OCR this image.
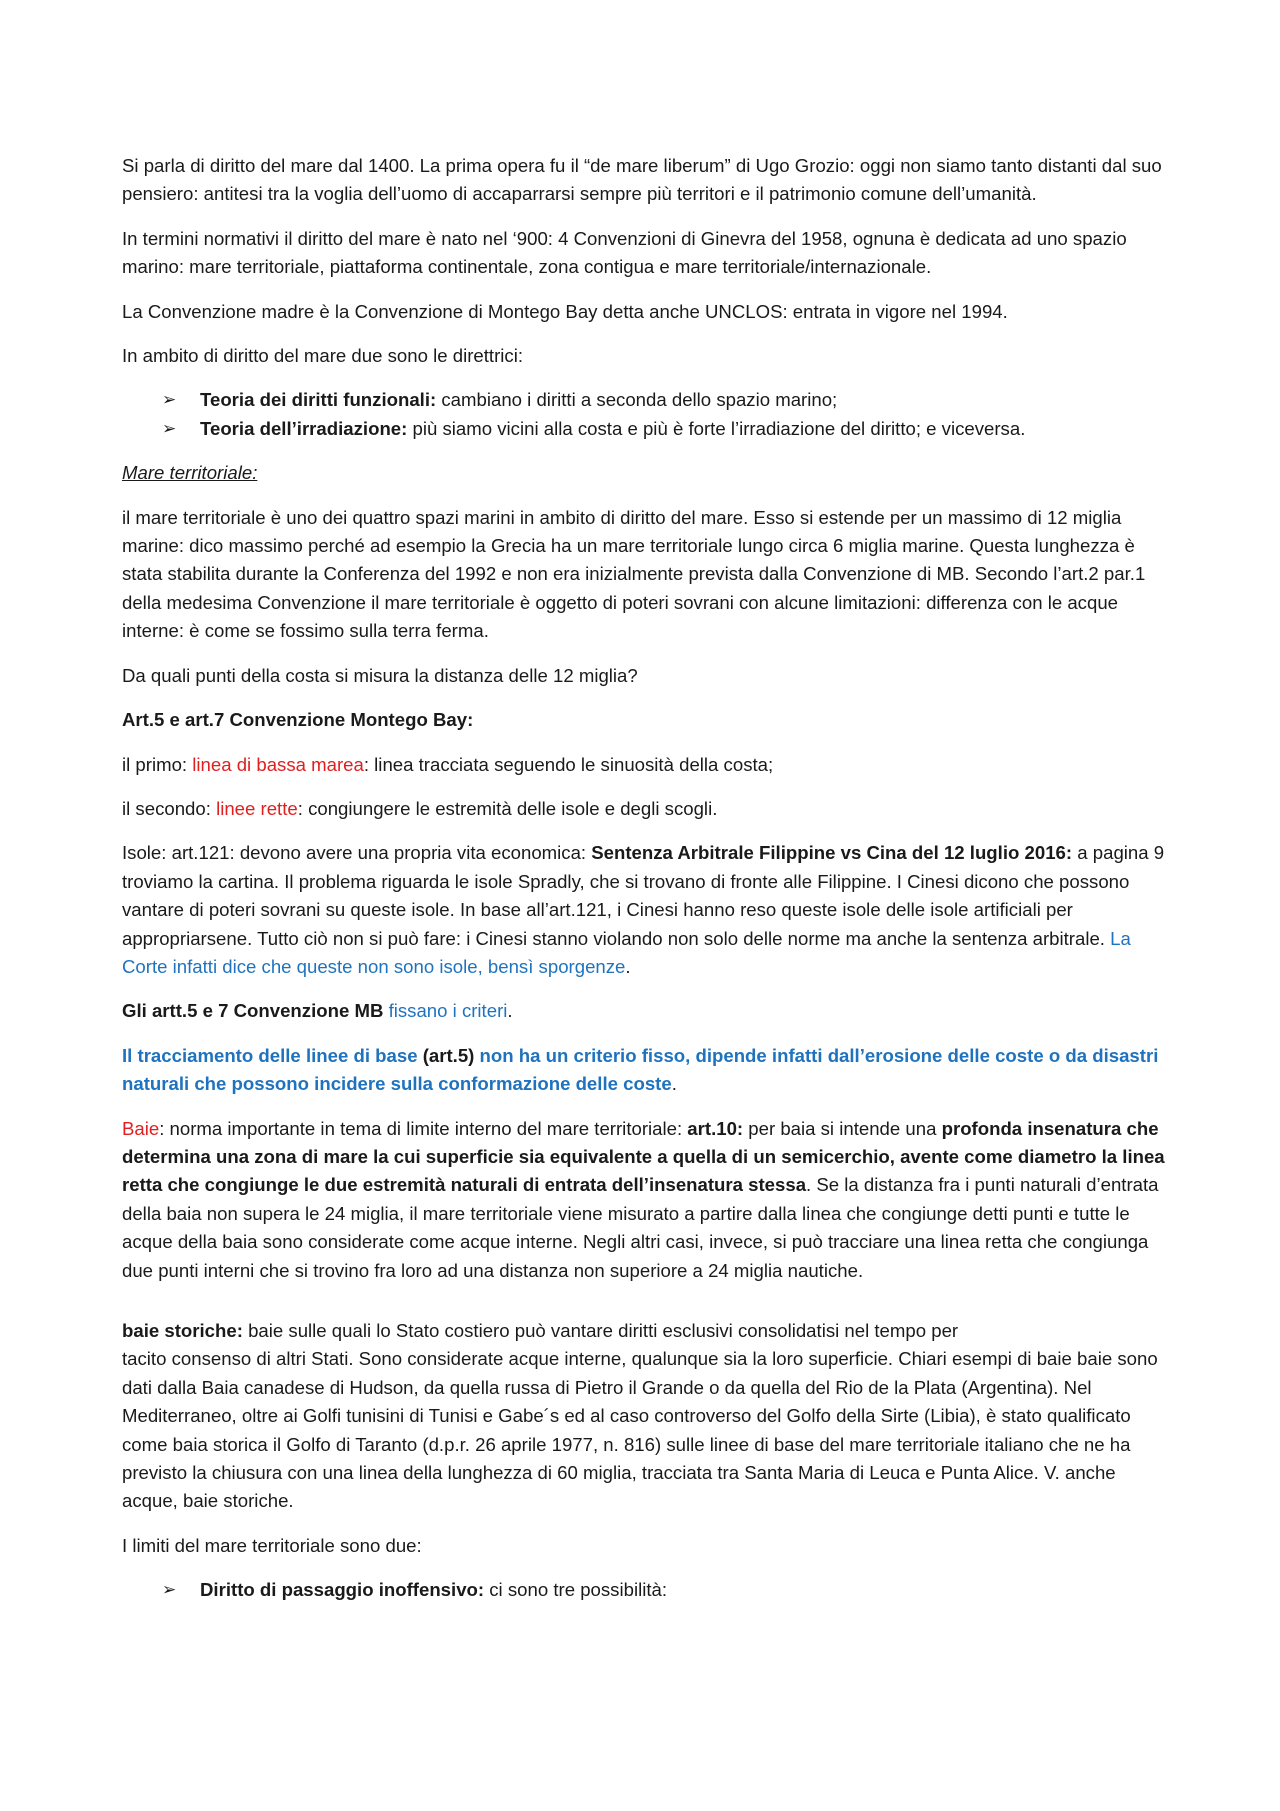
Si parla di diritto del mare dal 1400. La prima opera fu il “de mare liberum” di Ugo Grozio: oggi non siamo tanto distanti dal suo pensiero: antitesi tra la voglia dell’uomo di accaparrarsi sempre più territori e il patrimonio comune dell’umanità.

In termini normativi il diritto del mare è nato nel ‘900: 4 Convenzioni di Ginevra del 1958, ognuna è dedicata ad uno spazio marino: mare territoriale, piattaforma continentale, zona contigua e mare territoriale/internazionale.

La Convenzione madre è la Convenzione di Montego Bay detta anche UNCLOS: entrata in vigore nel 1994.

In ambito di diritto del mare due sono le direttrici:

➢ Teoria dei diritti funzionali: cambiano i diritti a seconda dello spazio marino;
➢ Teoria dell’irradiazione: più siamo vicini alla costa e più è forte l’irradiazione del diritto; e viceversa.

Mare territoriale:

il mare territoriale è uno dei quattro spazi marini in ambito di diritto del mare. Esso si estende per un massimo di 12 miglia marine: dico massimo perché ad esempio la Grecia ha un mare territoriale lungo circa 6 miglia marine. Questa lunghezza è stata stabilita durante la Conferenza del 1992 e non era inizialmente prevista dalla Convenzione di MB. Secondo l’art.2 par.1 della medesima Convenzione il mare territoriale è oggetto di poteri sovrani con alcune limitazioni: differenza con le acque interne: è come se fossimo sulla terra ferma.

Da quali punti della costa si misura la distanza delle 12 miglia?

Art.5 e art.7 Convenzione Montego Bay:

il primo: linea di bassa marea: linea tracciata seguendo le sinuosità della costa;

il secondo: linee rette: congiungere le estremità delle isole e degli scogli.

Isole: art.121: devono avere una propria vita economica: Sentenza Arbitrale Filippine vs Cina del 12 luglio 2016: a pagina 9 troviamo la cartina. Il problema riguarda le isole Spradly, che si trovano di fronte alle Filippine. I Cinesi dicono che possono vantare di poteri sovrani su queste isole. In base all’art.121, i Cinesi hanno reso queste isole delle isole artificiali per appropriarsene. Tutto ciò non si può fare: i Cinesi stanno violando non solo delle norme ma anche la sentenza arbitrale. La Corte infatti dice che queste non sono isole, bensì sporgenze.

Gli artt.5 e 7 Convenzione MB fissano i criteri.

Il tracciamento delle linee di base (art.5) non ha un criterio fisso, dipende infatti dall’erosione delle coste o da disastri naturali che possono incidere sulla conformazione delle coste.

Baie: norma importante in tema di limite interno del mare territoriale: art.10: per baia si intende una profonda insenatura che determina una zona di mare la cui superficie sia equivalente a quella di un semicerchio, avente come diametro la linea retta che congiunge le due estremità naturali di entrata dell’insenatura stessa. Se la distanza fra i punti naturali d’entrata della baia non supera le 24 miglia, il mare territoriale viene misurato a partire dalla linea che congiunge detti punti e tutte le acque della baia sono considerate come acque interne. Negli altri casi, invece, si può tracciare una linea retta che congiunga due punti interni che si trovino fra loro ad una distanza non superiore a 24 miglia nautiche.

baie storiche: baie sulle quali lo Stato costiero può vantare diritti esclusivi consolidatisi nel tempo per
tacito consenso di altri Stati. Sono considerate acque interne, qualunque sia la loro superficie. Chiari esempi di baie baie sono dati dalla Baia canadese di Hudson, da quella russa di Pietro il Grande o da quella del Rio de la Plata (Argentina). Nel Mediterraneo, oltre ai Golfi tunisini di Tunisi e Gabe´s ed al caso controverso del Golfo della Sirte (Libia), è stato qualificato come baia storica il Golfo di Taranto (d.p.r. 26 aprile 1977, n. 816) sulle linee di base del mare territoriale italiano che ne ha previsto la chiusura con una linea della lunghezza di 60 miglia, tracciata tra Santa Maria di Leuca e Punta Alice. V. anche acque, baie storiche.

I limiti del mare territoriale sono due:

➢ Diritto di passaggio inoffensivo: ci sono tre possibilità:
